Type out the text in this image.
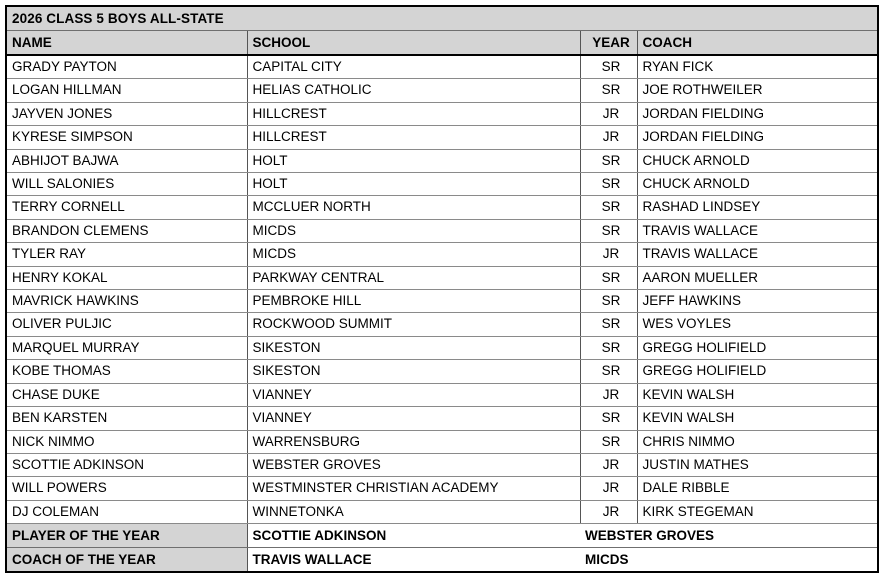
2026 CLASS 5 BOYS ALL-STATE			
NAME	SCHOOL	YEAR	COACH
GRADY PAYTON	CAPITAL CITY	SR	RYAN FICK
LOGAN HILLMAN	HELIAS CATHOLIC	SR	JOE ROTHWEILER
JAYVEN JONES	HILLCREST	JR	JORDAN FIELDING
KYRESE SIMPSON	HILLCREST	JR	JORDAN FIELDING
ABHIJOT BAJWA	HOLT	SR	CHUCK ARNOLD
WILL SALONIES	HOLT	SR	CHUCK ARNOLD
TERRY CORNELL	MCCLUER NORTH	SR	RASHAD LINDSEY
BRANDON CLEMENS	MICDS	SR	TRAVIS WALLACE
TYLER RAY	MICDS	JR	TRAVIS WALLACE
HENRY KOKAL	PARKWAY CENTRAL	SR	AARON MUELLER
MAVRICK HAWKINS	PEMBROKE HILL	SR	JEFF HAWKINS
OLIVER PULJIC	ROCKWOOD SUMMIT	SR	WES VOYLES
MARQUEL MURRAY	SIKESTON	SR	GREGG HOLIFIELD
KOBE THOMAS	SIKESTON	SR	GREGG HOLIFIELD
CHASE DUKE	VIANNEY	JR	KEVIN WALSH
BEN KARSTEN	VIANNEY	SR	KEVIN WALSH
NICK NIMMO	WARRENSBURG	SR	CHRIS NIMMO
SCOTTIE ADKINSON	WEBSTER GROVES	JR	JUSTIN MATHES
WILL POWERS	WESTMINSTER CHRISTIAN ACADEMY	JR	DALE RIBBLE
DJ COLEMAN	WINNETONKA	JR	KIRK STEGEMAN
PLAYER OF THE YEAR	SCOTTIE ADKINSON	WEBSTER GROVES	
COACH OF THE YEAR	TRAVIS WALLACE	MICDS	
